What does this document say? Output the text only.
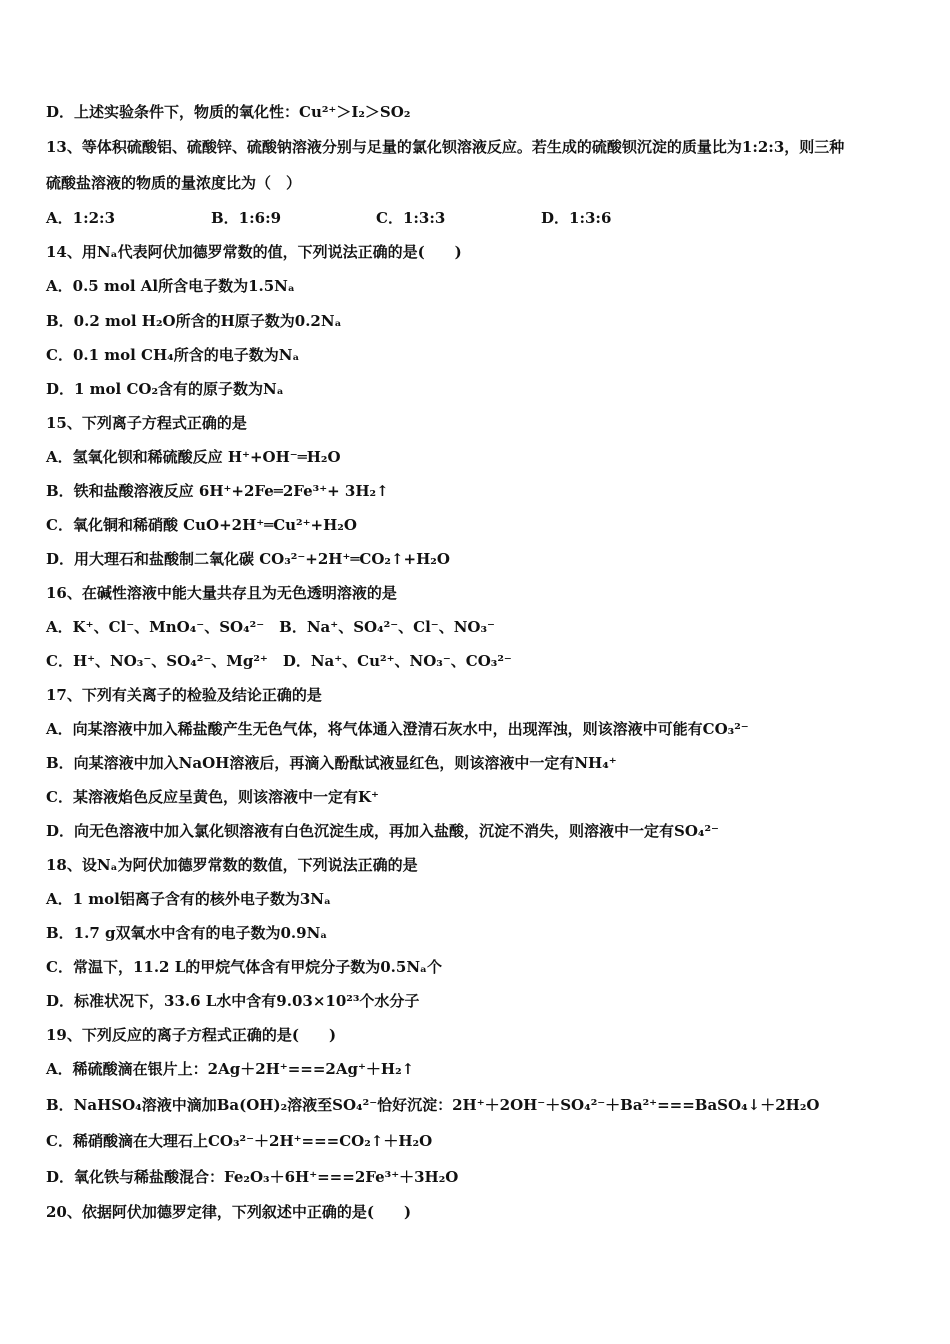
D．上述实验条件下，物质的氧化性：Cu²⁺＞I₂＞SO₂
13、等体积硫酸铝、硫酸锌、硫酸钠溶液分别与足量的氯化钡溶液反应。若生成的硫酸钡沉淀的质量比为1:2:3，则三种
硫酸盐溶液的物质的量浓度比为（　）
A．1:2:3	B．1:6:9	C．1:3:3	D．1:3:6
14、用Nₐ代表阿伏加德罗常数的值，下列说法正确的是(　　)
A．0.5 mol Al所含电子数为1.5Nₐ
B．0.2 mol H₂O所含的H原子数为0.2Nₐ
C．0.1 mol CH₄所含的电子数为Nₐ
D．1 mol CO₂含有的原子数为Nₐ
15、下列离子方程式正确的是
A．氢氧化钡和稀硫酸反应 H⁺+OH⁻═H₂O
B．铁和盐酸溶液反应 6H⁺+2Fe═2Fe³⁺+ 3H₂↑
C．氧化铜和稀硝酸 CuO+2H⁺═Cu²⁺+H₂O
D．用大理石和盐酸制二氧化碳 CO₃²⁻+2H⁺═CO₂↑+H₂O
16、在碱性溶液中能大量共存且为无色透明溶液的是
A．K⁺、Cl⁻、MnO₄⁻、SO₄²⁻　B．Na⁺、SO₄²⁻、Cl⁻、NO₃⁻
C．H⁺、NO₃⁻、SO₄²⁻、Mg²⁺　D．Na⁺、Cu²⁺、NO₃⁻、CO₃²⁻
17、下列有关离子的检验及结论正确的是
A．向某溶液中加入稀盐酸产生无色气体，将气体通入澄清石灰水中，出现浑浊，则该溶液中可能有CO₃²⁻
B．向某溶液中加入NaOH溶液后，再滴入酚酞试液显红色，则该溶液中一定有NH₄⁺
C．某溶液焰色反应呈黄色，则该溶液中一定有K⁺
D．向无色溶液中加入氯化钡溶液有白色沉淀生成，再加入盐酸，沉淀不消失，则溶液中一定有SO₄²⁻
18、设Nₐ为阿伏加德罗常数的数值，下列说法正确的是
A．1 mol铝离子含有的核外电子数为3Nₐ
B．1.7 g双氧水中含有的电子数为0.9Nₐ
C．常温下，11.2 L的甲烷气体含有甲烷分子数为0.5Nₐ个
D．标准状况下，33.6 L水中含有9.03×10²³个水分子
19、下列反应的离子方程式正确的是(　　)
A．稀硫酸滴在银片上：2Ag＋2H⁺===2Ag⁺＋H₂↑
B．NaHSO₄溶液中滴加Ba(OH)₂溶液至SO₄²⁻恰好沉淀：2H⁺＋2OH⁻＋SO₄²⁻＋Ba²⁺===BaSO₄↓＋2H₂O
C．稀硝酸滴在大理石上CO₃²⁻＋2H⁺===CO₂↑＋H₂O
D．氧化铁与稀盐酸混合：Fe₂O₃＋6H⁺===2Fe³⁺＋3H₂O
20、依据阿伏加德罗定律，下列叙述中正确的是(　　)
